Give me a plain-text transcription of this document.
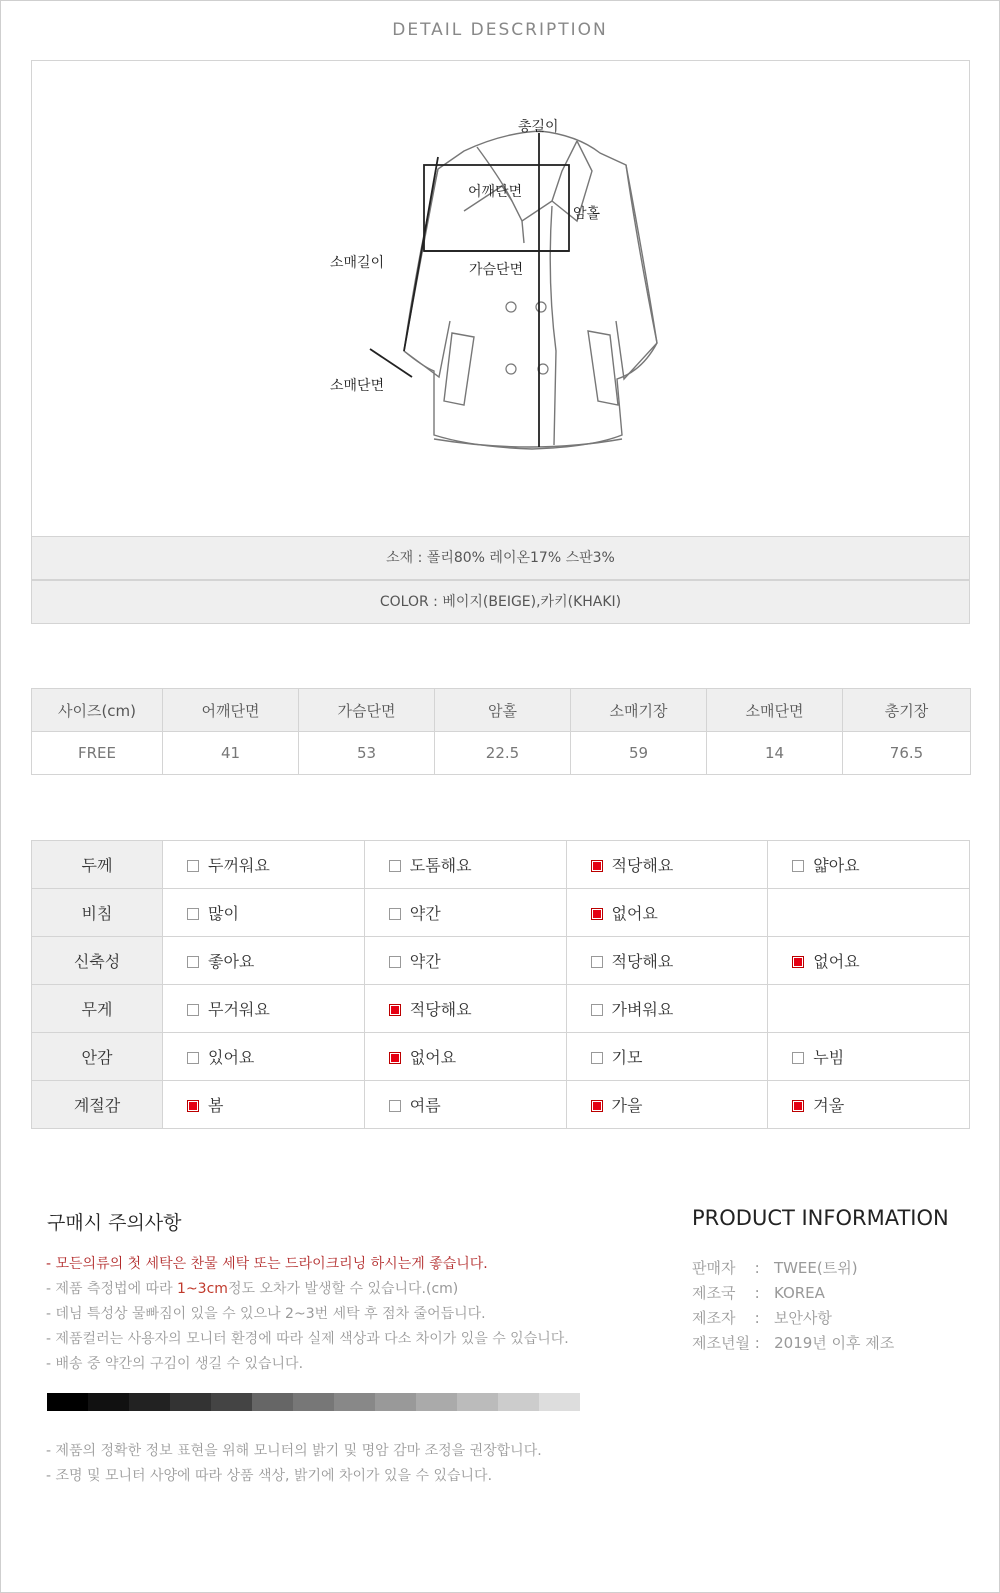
DETAIL DESCRIPTION
총길이
어깨단면
암홀
소매길이	가슴단면
소매단면
소재 : 폴리80% 레이온17% 스판3%
COLOR : 베이지(BEIGE),카키(KHAKI)
사이즈(cm)	어깨단면	가슴단면	암홀	소매기장	소매단면	총기장
FREE	41	53	22.5	59	14	76.5
두께	두꺼워요	도톰해요	적당해요	얇아요
비침	많이	약간	없어요	
신축성	좋아요	약간	적당해요	없어요
무게	무거워요	적당해요	가벼워요	
안감	있어요	없어요	기모	누빔
계절감	봄	여름	가을	겨울
구매시 주의사항
- 모든의류의 첫 세탁은 찬물 세탁 또는 드라이크리닝 하시는게 좋습니다.
- 제품 측정법에 따라 1~3cm정도 오차가 발생할 수 있습니다.(cm)
- 데님 특성상 물빠짐이 있을 수 있으나 2~3번 세탁 후 점차 줄어듭니다.
- 제품컬러는 사용자의 모니터 환경에 따라 실제 색상과 다소 차이가 있을 수 있습니다.
- 배송 중 약간의 구김이 생길 수 있습니다.
- 제품의 정확한 정보 표현을 위해 모니터의 밝기 및 명암 감마 조정을 권장합니다.
- 조명 및 모니터 사양에 따라 상품 색상, 밝기에 차이가 있을 수 있습니다.
PRODUCT INFORMATION
판매자 : TWEE(트위)
제조국 : KOREA
제조자 : 보안사항
제조년월 : 2019년 이후 제조
